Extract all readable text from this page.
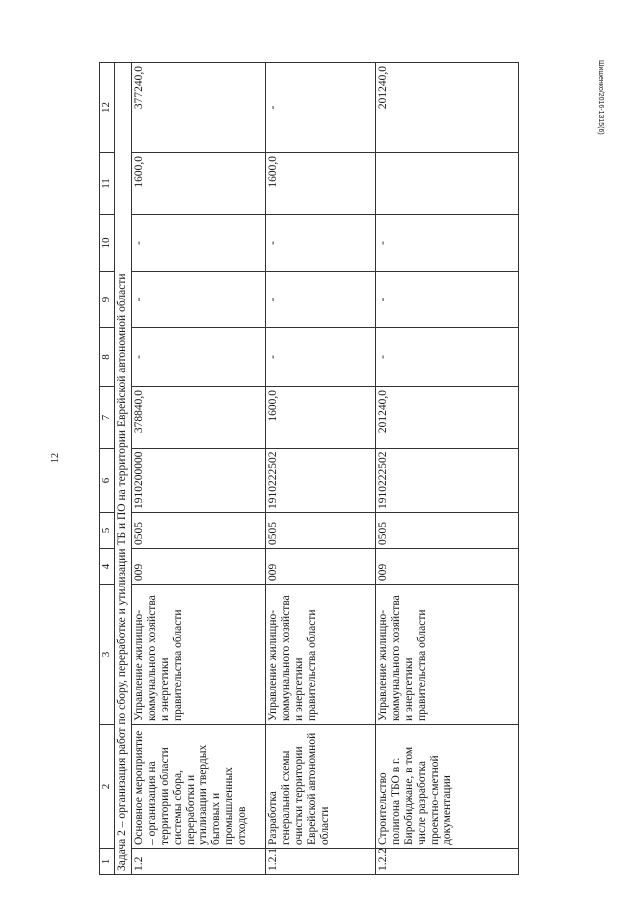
12
Шишенко/2016-1315(6)
1	2	3	4	5	6	7	8	9	10	11	12
Задача 2 – организация работ по сбору, переработке и утилизации ТБ и ПО на территории Еврейской автономной области											
1.2	Основное мероприятие – организация на территории области системы сбора, переработки и утилизации твердых бытовых и промышленных отходов	Управление жилищно-коммунального хозяйства и энергетики правительства области	009	0505	1910200000	378840,0	-	-	-	1600,0	377240,0
1.2.1	Разработка генеральной схемы очистки территории Еврейской автономной области	Управление жилищно-коммунального хозяйства и энергетики правительства области	009	0505	1910222502	1600,0	-	-	-	1600,0	-
1.2.2	Строительство полигона ТБО в г. Биробиджане, в том числе разработка проектно-сметной документации	Управление жилищно-коммунального хозяйства и энергетики правительства области	009	0505	1910222502	201240,0	-	-	-		201240,0
